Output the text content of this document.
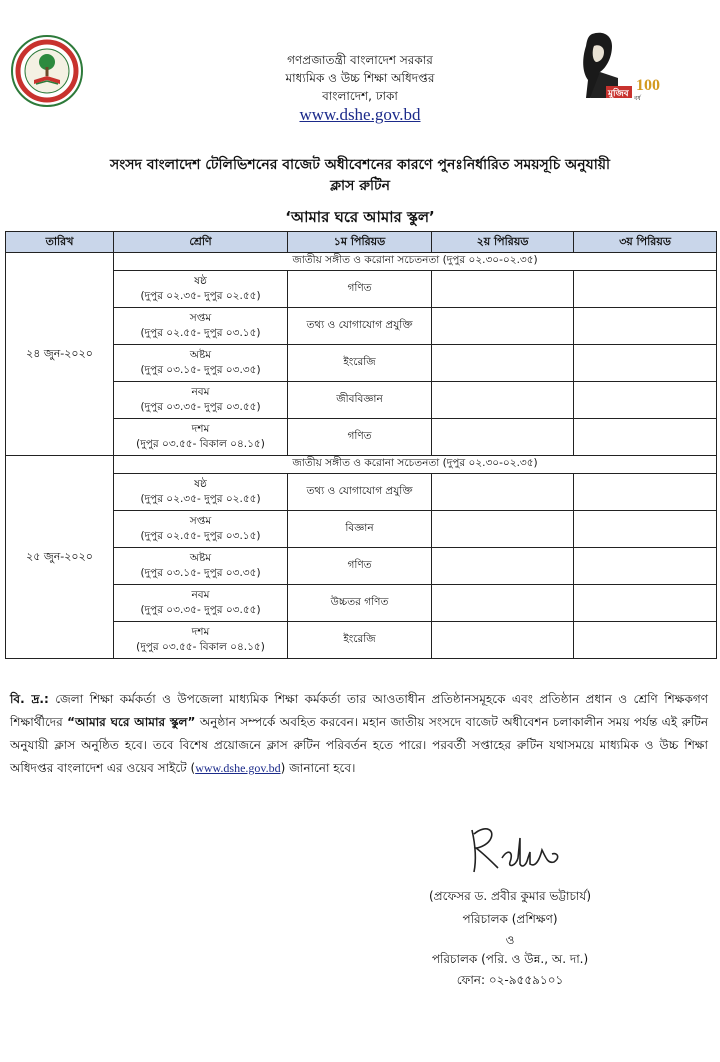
মুজিব 100
বর্ষ
গণপ্রজাতন্ত্রী বাংলাদেশ সরকার
মাধ্যমিক ও উচ্চ শিক্ষা অধিদপ্তর
বাংলাদেশ, ঢাকা
www.dshe.gov.bd
সংসদ বাংলাদেশ টেলিভিশনের বাজেট অধীবেশনের কারণে পুনঃনির্ধারিত সময়সূচি অনুযায়ী
ক্লাস রুটিন
‘আমার ঘরে আমার স্কুল’
তারিখ	শ্রেণি	১ম পিরিয়ড	২য় পিরিয়ড	৩য় পিরিয়ড
২৪ জুন-২০২০	জাতীয় সঙ্গীত ও করোনা সচেতনতা (দুপুর ০২.৩০-০২.৩৫)			

	ষষ্ঠ
(দুপুর ০২.৩৫- দুপুর ০২.৫৫)	গণিত		

	সপ্তম
(দুপুর ০২.৫৫- দুপুর ০৩.১৫)	তথ্য ও যোগাযোগ প্রযুক্তি		

	অষ্টম
(দুপুর ০৩.১৫- দুপুর ০৩.৩৫)	ইংরেজি		

	নবম
(দুপুর ০৩.৩৫- দুপুর ০৩.৫৫)	জীববিজ্ঞান		

	দশম
(দুপুর ০৩.৫৫- বিকাল ০৪.১৫)	গণিত		
২৫ জুন-২০২০	জাতীয় সঙ্গীত ও করোনা সচেতনতা (দুপুর ০২.৩০-০২.৩৫)			

	ষষ্ঠ
(দুপুর ০২.৩৫- দুপুর ০২.৫৫)	তথ্য ও যোগাযোগ প্রযুক্তি		

	সপ্তম
(দুপুর ০২.৫৫- দুপুর ০৩.১৫)	বিজ্ঞান		

	অষ্টম
(দুপুর ০৩.১৫- দুপুর ০৩.৩৫)	গণিত		

	নবম
(দুপুর ০৩.৩৫- দুপুর ০৩.৫৫)	উচ্চতর গণিত		

	দশম
(দুপুর ০৩.৫৫- বিকাল ০৪.১৫)	ইংরেজি		
বি. দ্র.: জেলা শিক্ষা কর্মকর্তা ও উপজেলা মাধ্যমিক শিক্ষা কর্মকর্তা তার আওতাধীন প্রতিষ্ঠানসমূহকে এবং প্রতিষ্ঠান প্রধান ও শ্রেণি শিক্ষকগণ শিক্ষার্থীদের “আমার ঘরে আমার স্কুল” অনুষ্ঠান সম্পর্কে অবহিত করবেন। মহান জাতীয় সংসদে বাজেট অধীবেশন চলাকালীন সময় পর্যন্ত এই রুটিন অনুযায়ী ক্লাস অনুষ্ঠিত হবে। তবে বিশেষ প্রয়োজনে ক্লাস রুটিন পরিবর্তন হতে পারে। পরবর্তী সপ্তাহের রুটিন যথাসময়ে মাধ্যমিক ও উচ্চ শিক্ষা অধিদপ্তর বাংলাদেশ এর ওয়েব সাইটে (www.dshe.gov.bd) জানানো হবে।
(প্রফেসর ড. প্রবীর কুমার ভট্টাচার্য)
পরিচালক (প্রশিক্ষণ)
ও
পরিচালক (পরি. ও উন্ন., অ. দা.)
ফোন: ০২-৯৫৫৯১০১
